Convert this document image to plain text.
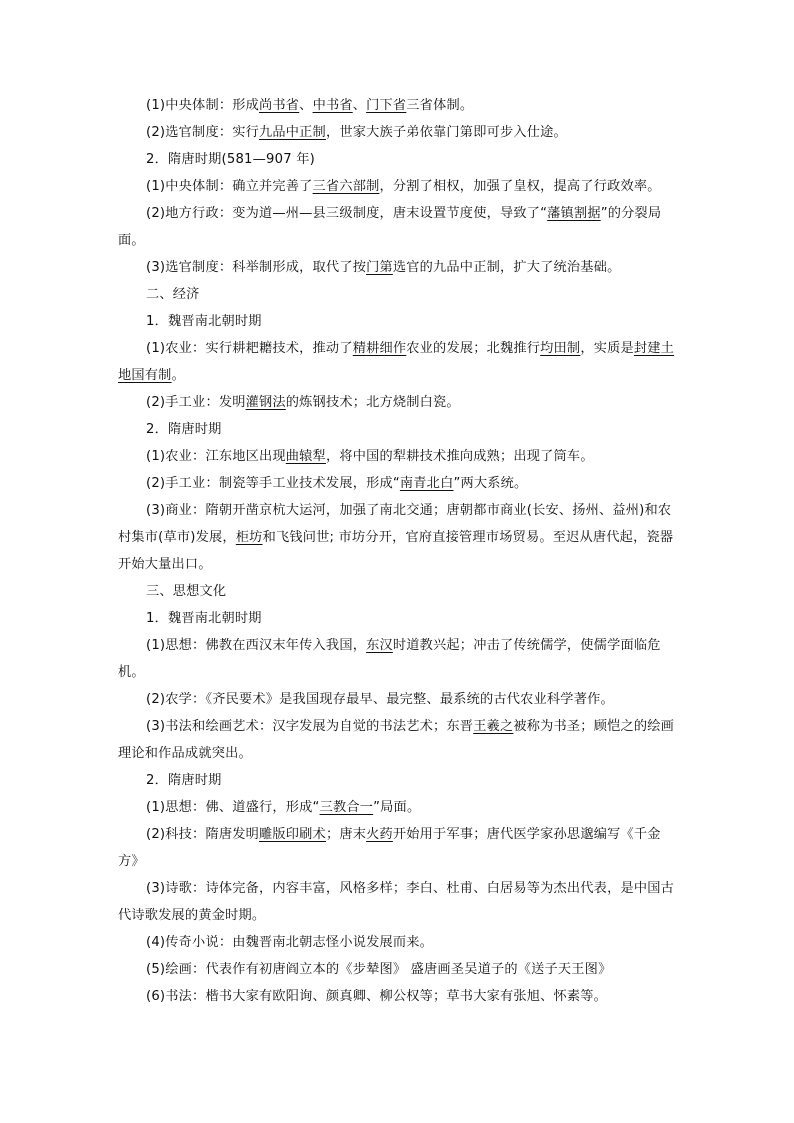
(1)中央体制：形成尚书省、中书省、门下省三省体制。
(2)选官制度：实行九品中正制，世家大族子弟依靠门第即可步入仕途。
2．隋唐时期(581—907 年)
(1)中央体制：确立并完善了三省六部制，分割了相权，加强了皇权，提高了行政效率。
(2)地方行政：变为道—州—县三级制度，唐末设置节度使，导致了“藩镇割据”的分裂局面。
(3)选官制度：科举制形成，取代了按门第选官的九品中正制，扩大了统治基础。
二、经济
1．魏晋南北朝时期
(1)农业：实行耕耙耱技术，推动了精耕细作农业的发展；北魏推行均田制，实质是封建土地国有制。
(2)手工业：发明灌钢法的炼钢技术；北方烧制白瓷。
2．隋唐时期
(1)农业：江东地区出现曲辕犁，将中国的犁耕技术推向成熟；出现了筒车。
(2)手工业：制瓷等手工业技术发展，形成“南青北白”两大系统。
(3)商业：隋朝开凿京杭大运河，加强了南北交通；唐朝都市商业(长安、扬州、益州)和农村集市(草市)发展，柜坊和飞钱问世; 市坊分开，官府直接管理市场贸易。至迟从唐代起，瓷器开始大量出口。
三、思想文化
1．魏晋南北朝时期
(1)思想：佛教在西汉末年传入我国，东汉时道教兴起；冲击了传统儒学，使儒学面临危机。
(2)农学：《齐民要术》是我国现存最早、最完整、最系统的古代农业科学著作。
(3)书法和绘画艺术：汉字发展为自觉的书法艺术；东晋王羲之被称为书圣；顾恺之的绘画理论和作品成就突出。
2．隋唐时期
(1)思想：佛、道盛行，形成“三教合一”局面。
(2)科技：隋唐发明雕版印刷术；唐末火药开始用于军事；唐代医学家孙思邈编写《千金方》
(3)诗歌：诗体完备，内容丰富，风格多样；李白、杜甫、白居易等为杰出代表，是中国古代诗歌发展的黄金时期。
(4)传奇小说：由魏晋南北朝志怪小说发展而来。
(5)绘画：代表作有初唐阎立本的《步辇图》 盛唐画圣吴道子的《送子天王图》
(6)书法：楷书大家有欧阳询、颜真卿、柳公权等；草书大家有张旭、怀素等。
